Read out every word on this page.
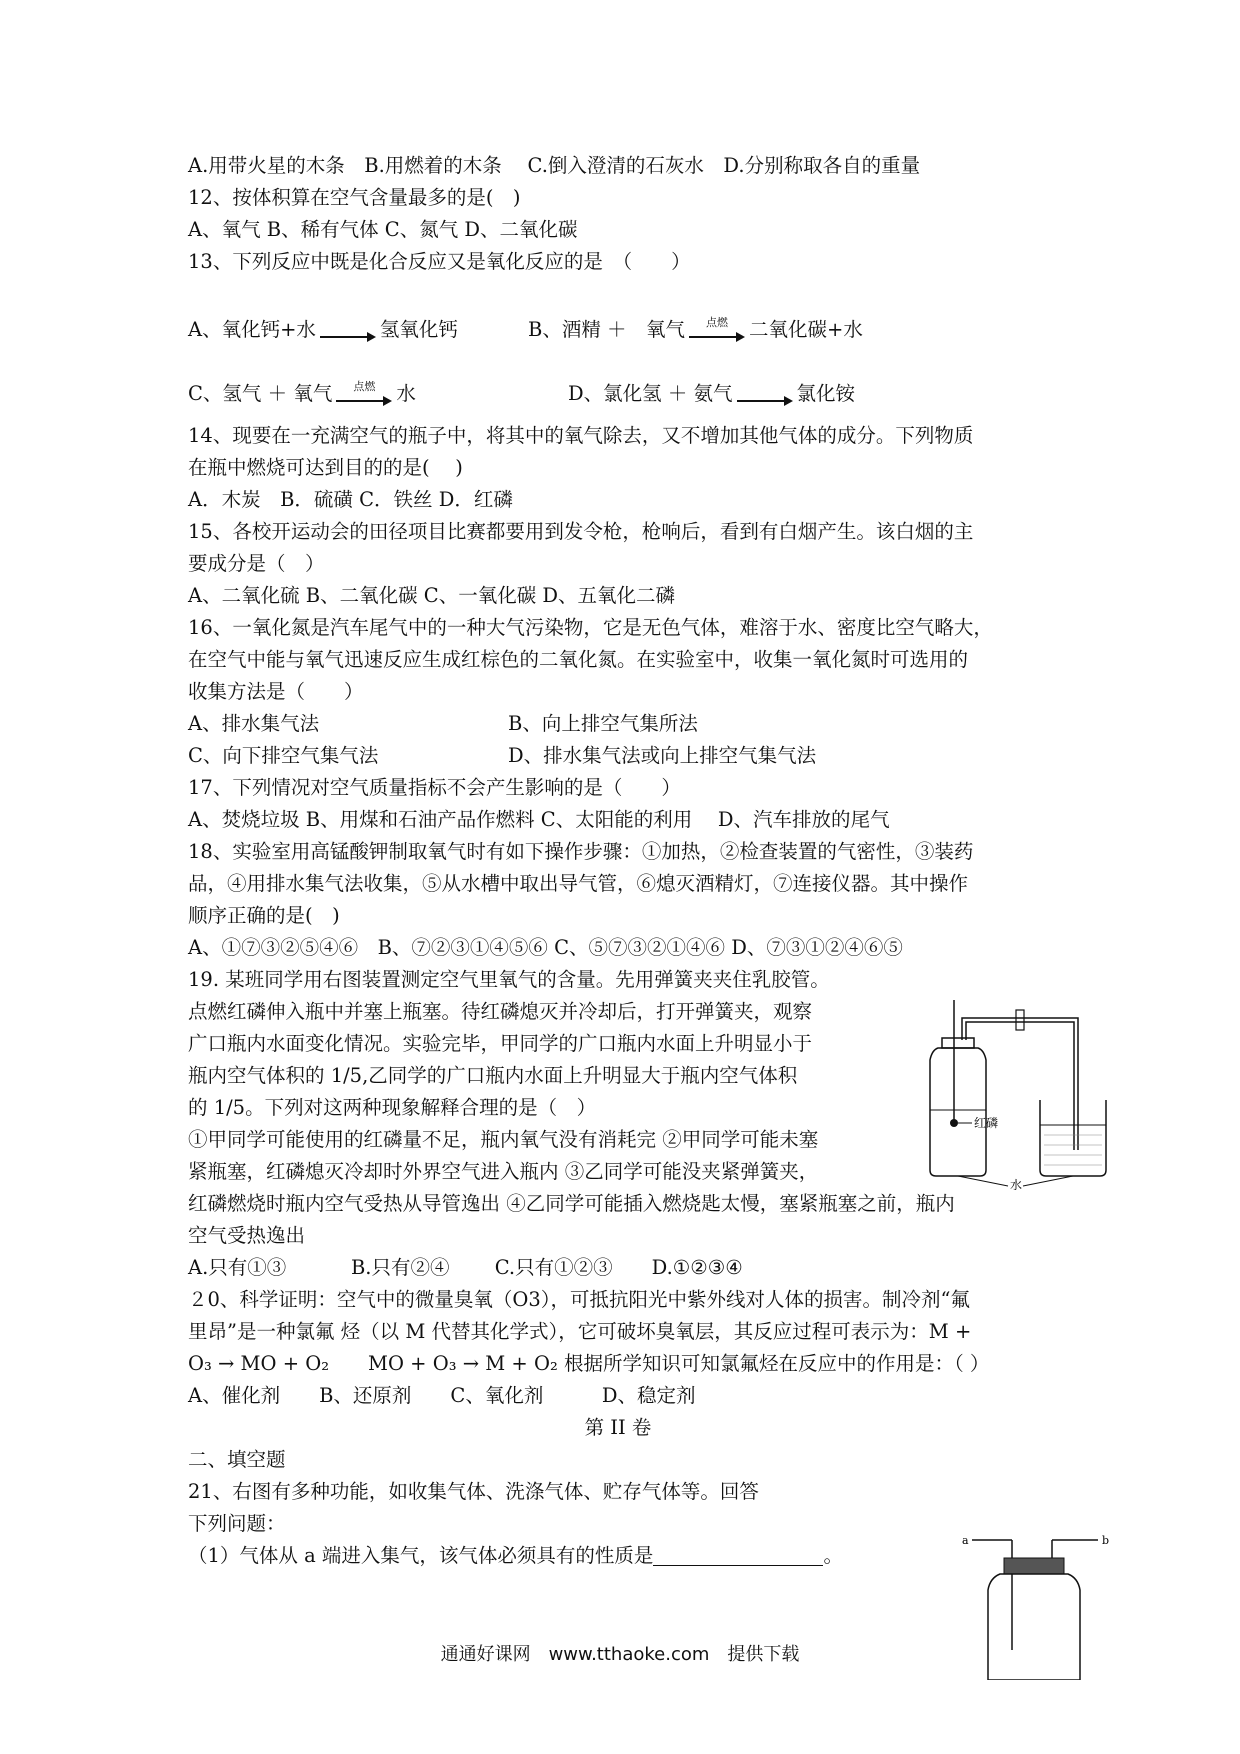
A.用带火星的木条　B.用燃着的木条　 C.倒入澄清的石灰水　D.分别称取各自的重量
12、按体积算在空气含量最多的是(　)
A、氧气 B、稀有气体 C、氮气 D、二氧化碳
13、下列反应中既是化合反应又是氧化反应的是　（　　）
A、氧化钙+水	氢氧化钙	B、酒精 ＋　氧气	点燃	二氧化碳+水
C、氢气 ＋ 氧气	点燃	水	D、氯化氢 ＋ 氨气	氯化铵
14、现要在一充满空气的瓶子中，将其中的氧气除去，又不增加其他气体的成分。下列物质
在瓶中燃烧可达到目的的是(　 )
A．木炭　B．硫磺 C．铁丝 D．红磷
15、各校开运动会的田径项目比赛都要用到发令枪，枪响后，看到有白烟产生。该白烟的主
要成分是（　）
A、二氧化硫 B、二氧化碳 C、一氧化碳 D、五氧化二磷
16、一氧化氮是汽车尾气中的一种大气污染物，它是无色气体，难溶于水、密度比空气略大，
在空气中能与氧气迅速反应生成红棕色的二氧化氮。在实验室中，收集一氧化氮时可选用的
收集方法是（　　）
A、排水集气法	B、向上排空气集所法
C、向下排空气集气法	D、排水集气法或向上排空气集气法
17、下列情况对空气质量指标不会产生影响的是（　　）
A、焚烧垃圾 B、用煤和石油产品作燃料 C、太阳能的利用　 D、汽车排放的尾气
18、实验室用高锰酸钾制取氧气时有如下操作步骤：①加热，②检查装置的气密性，③装药
品，④用排水集气法收集，⑤从水槽中取出导气管，⑥熄灭酒精灯，⑦连接仪器。其中操作
顺序正确的是(　)
A、①⑦③②⑤④⑥　B、⑦②③①④⑤⑥ C、⑤⑦③②①④⑥ D、⑦③①②④⑥⑤
19. 某班同学用右图装置测定空气里氧气的含量。先用弹簧夹夹住乳胶管。
点燃红磷伸入瓶中并塞上瓶塞。待红磷熄灭并冷却后，打开弹簧夹，观察
广口瓶内水面变化情况。实验完毕，甲同学的广口瓶内水面上升明显小于
瓶内空气体积的 1/5,乙同学的广口瓶内水面上升明显大于瓶内空气体积
的 1/5。下列对这两种现象解释合理的是（　）
①甲同学可能使用的红磷量不足，瓶内氧气没有消耗完 ②甲同学可能未塞
紧瓶塞，红磷熄灭冷却时外界空气进入瓶内 ③乙同学可能没夹紧弹簧夹，
红磷燃烧时瓶内空气受热从导管逸出 ④乙同学可能插入燃烧匙太慢，塞紧瓶塞之前，瓶内
空气受热逸出
A.只有①③　　　 B.只有②④　　 C.只有①②③　　D.①②③④
２0、科学证明：空气中的微量臭氧（O3），可抵抗阳光中紫外线对人体的损害。制冷剂“氟
里昂”是一种氯氟 烃（以 M 代替其化学式），它可破坏臭氧层，其反应过程可表示为：M +
O₃ → MO + O₂　　MO + O₃ → M + O₂ 根据所学知识可知氯氟烃在反应中的作用是：（ ）
A、催化剂　　B、还原剂　　C、氧化剂　　　D、稳定剂
第 II 卷
二、填空题
21、右图有多种功能，如收集气体、洗涤气体、贮存气体等。回答
下列问题：
（1）气体从 a 端进入集气，该气体必须具有的性质是	。
红磷
水
a	b
通通好课网　www.tthaoke.com　提供下载
